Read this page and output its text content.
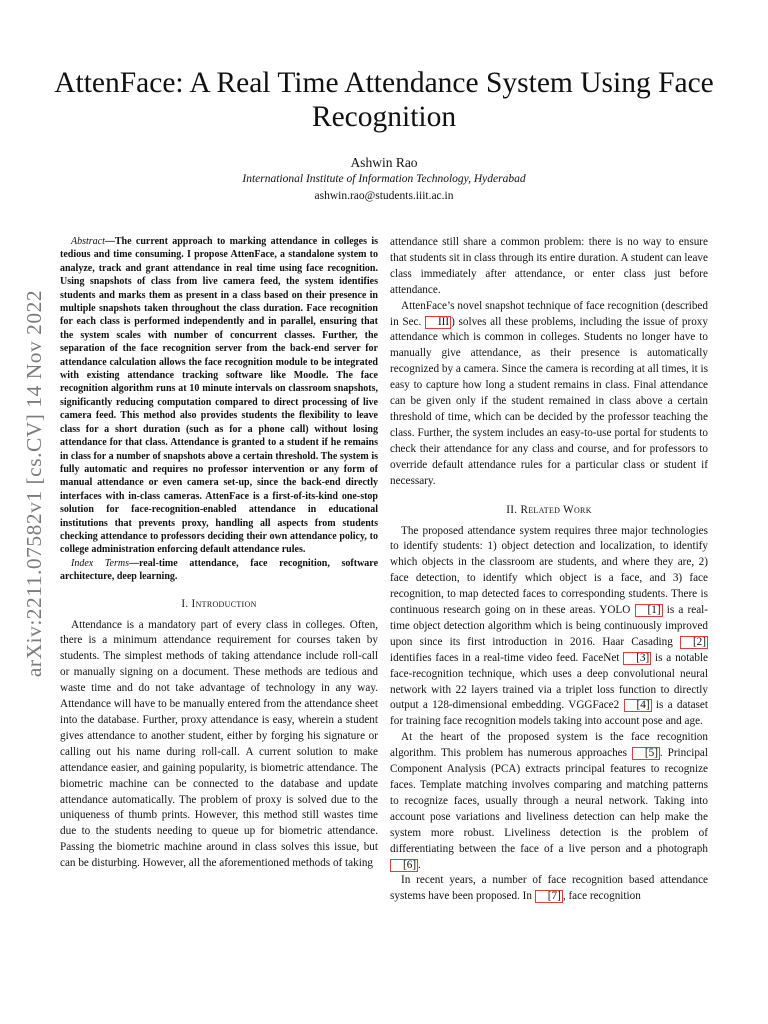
arXiv:2211.07582v1 [cs.CV] 14 Nov 2022
AttenFace: A Real Time Attendance System Using Face Recognition
Ashwin Rao
International Institute of Information Technology, Hyderabad
ashwin.rao@students.iiit.ac.in

Abstract—The current approach to marking attendance in colleges is tedious and time consuming. I propose AttenFace, a standalone system to analyze, track and grant attendance in real time using face recognition. Using snapshots of class from live camera feed, the system identifies students and marks them as present in a class based on their presence in multiple snapshots taken throughout the class duration. Face recognition for each class is performed independently and in parallel, ensuring that the system scales with number of concurrent classes. Further, the separation of the face recognition server from the back-end server for attendance calculation allows the face recognition module to be integrated with existing attendance tracking software like Moodle. The face recognition algorithm runs at 10 minute intervals on classroom snapshots, significantly reducing computation compared to direct processing of live camera feed. This method also provides students the flexibility to leave class for a short duration (such as for a phone call) without losing attendance for that class. Attendance is granted to a student if he remains in class for a number of snapshots above a certain threshold. The system is fully automatic and requires no professor intervention or any form of manual attendance or even camera set-up, since the back-end directly interfaces with in-class cameras. AttenFace is a first-of-its-kind one-stop solution for face-recognition-enabled attendance in educational institutions that prevents proxy, handling all aspects from students checking attendance to professors deciding their own attendance policy, to college administration enforcing default attendance rules.

Index Terms—real-time attendance, face recognition, software architecture, deep learning.

I. Introduction

Attendance is a mandatory part of every class in colleges. Often, there is a minimum attendance requirement for courses taken by students. The simplest methods of taking attendance include roll-call or manually signing on a document. These methods are tedious and waste time and do not take advantage of technology in any way. Attendance will have to be manually entered from the attendance sheet into the database. Further, proxy attendance is easy, wherein a student gives attendance to another student, either by forging his signature or calling out his name during roll-call. A current solution to make attendance easier, and gaining popularity, is biometric attendance. The biometric machine can be connected to the database and update attendance automatically. The problem of proxy is solved due to the uniqueness of thumb prints. However, this method still wastes time due to the students needing to queue up for biometric attendance. Passing the biometric machine around in class solves this issue, but can be disturbing. However, all the aforementioned methods of taking

attendance still share a common problem: there is no way to ensure that students sit in class through its entire duration. A student can leave class immediately after attendance, or enter class just before attendance.

AttenFace’s novel snapshot technique of face recognition (described in Sec. III ) solves all these problems, including the issue of proxy attendance which is common in colleges. Students no longer have to manually give attendance, as their presence is automatically recognized by a camera. Since the camera is recording at all times, it is easy to capture how long a student remains in class. Final attendance can be given only if the student remained in class above a certain threshold of time, which can be decided by the professor teaching the class. Further, the system includes an easy-to-use portal for students to check their attendance for any class and course, and for professors to override default attendance rules for a particular class or student if necessary.

II. Related Work

The proposed attendance system requires three major technologies to identify students: 1) object detection and localization, to identify which objects in the classroom are students, and where they are, 2) face detection, to identify which object is a face, and 3) face recognition, to map detected faces to corresponding students. There is continuous research going on in these areas. YOLO [1] is a real-time object detection algorithm which is being continuously improved upon since its first introduction in 2016. Haar Casading [2] identifies faces in a real-time video feed. FaceNet [3] is a notable face-recognition technique, which uses a deep convolutional neural network with 22 layers trained via a triplet loss function to directly output a 128-dimensional embedding. VGGFace2 [4] is a dataset for training face recognition models taking into account pose and age.

At the heart of the proposed system is the face recognition algorithm. This problem has numerous approaches [5] . Principal Component Analysis (PCA) extracts principal features to recognize faces. Template matching involves comparing and matching patterns to recognize faces, usually through a neural network. Taking into account pose variations and liveliness detection can help make the system more robust. Liveliness detection is the problem of differentiating between the face of a live person and a photograph [6] .

In recent years, a number of face recognition based attendance systems have been proposed. In [7] , face recognition
